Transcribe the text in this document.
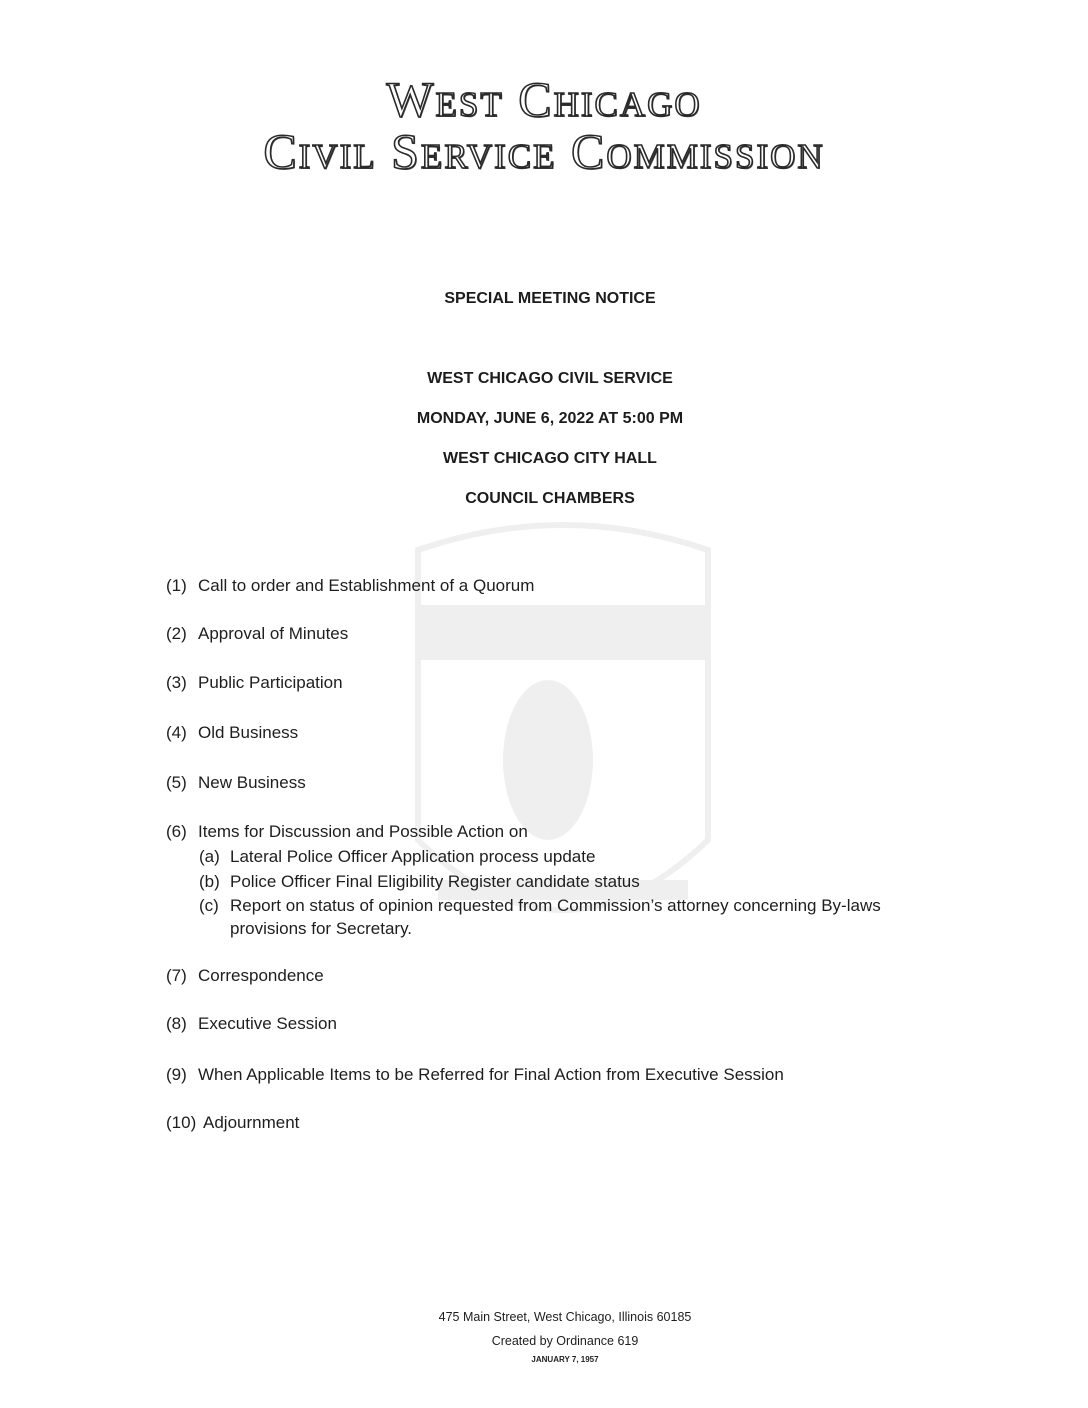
West Chicago
Civil Service Commission
SPECIAL MEETING NOTICE
WEST CHICAGO CIVIL SERVICE
MONDAY, JUNE 6, 2022 AT 5:00 PM
WEST CHICAGO CITY HALL
COUNCIL CHAMBERS
(1) Call to order and Establishment of a Quorum
(2) Approval of Minutes
(3) Public Participation
(4) Old Business
(5) New Business
(6) Items for Discussion and Possible Action on
(a) Lateral Police Officer Application process update
(b) Police Officer Final Eligibility Register candidate status
(c) Report on status of opinion requested from Commission’s attorney concerning By-laws
provisions for Secretary.
(7) Correspondence
(8) Executive Session
(9) When Applicable Items to be Referred for Final Action from Executive Session
(10) Adjournment
475 Main Street, West Chicago, Illinois 60185
Created by Ordinance 619
JANUARY 7, 1957
